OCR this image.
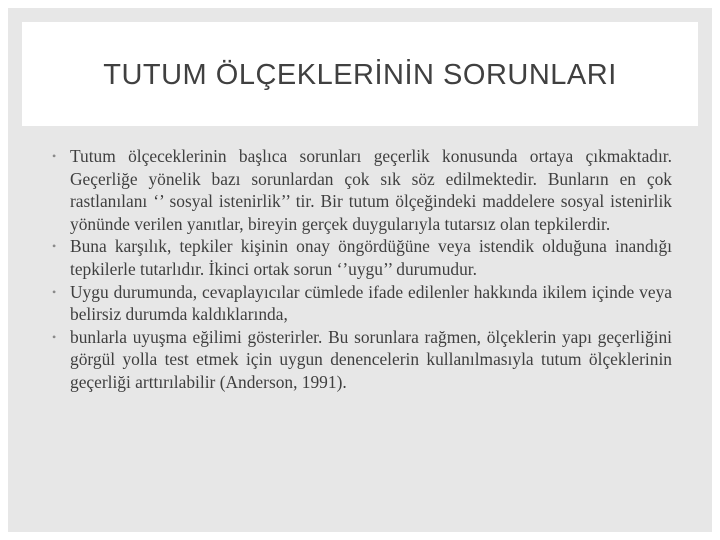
TUTUM ÖLÇEKLERİNİN SORUNLARI
• Tutum ölçeceklerinin başlıca sorunları geçerlik konusunda ortaya çıkmaktadır. Geçerliğe yönelik bazı sorunlardan çok sık söz edilmektedir. Bunların en çok rastlanılanı ‘’ sosyal istenirlik’’ tir. Bir tutum ölçeğindeki maddelere sosyal istenirlik yönünde verilen yanıtlar, bireyin gerçek duygularıyla tutarsız olan tepkilerdir.
• Buna karşılık, tepkiler kişinin onay öngördüğüne veya istendik olduğuna inandığı tepkilerle tutarlıdır. İkinci ortak sorun ‘’uygu’’ durumudur.
• Uygu durumunda, cevaplayıcılar cümlede ifade edilenler hakkında ikilem içinde veya belirsiz durumda kaldıklarında,
• bunlarla uyuşma eğilimi gösterirler. Bu sorunlara rağmen, ölçeklerin yapı geçerliğini görgül yolla test etmek için uygun denencelerin kullanılmasıyla tutum ölçeklerinin geçerliği arttırılabilir (Anderson, 1991).
